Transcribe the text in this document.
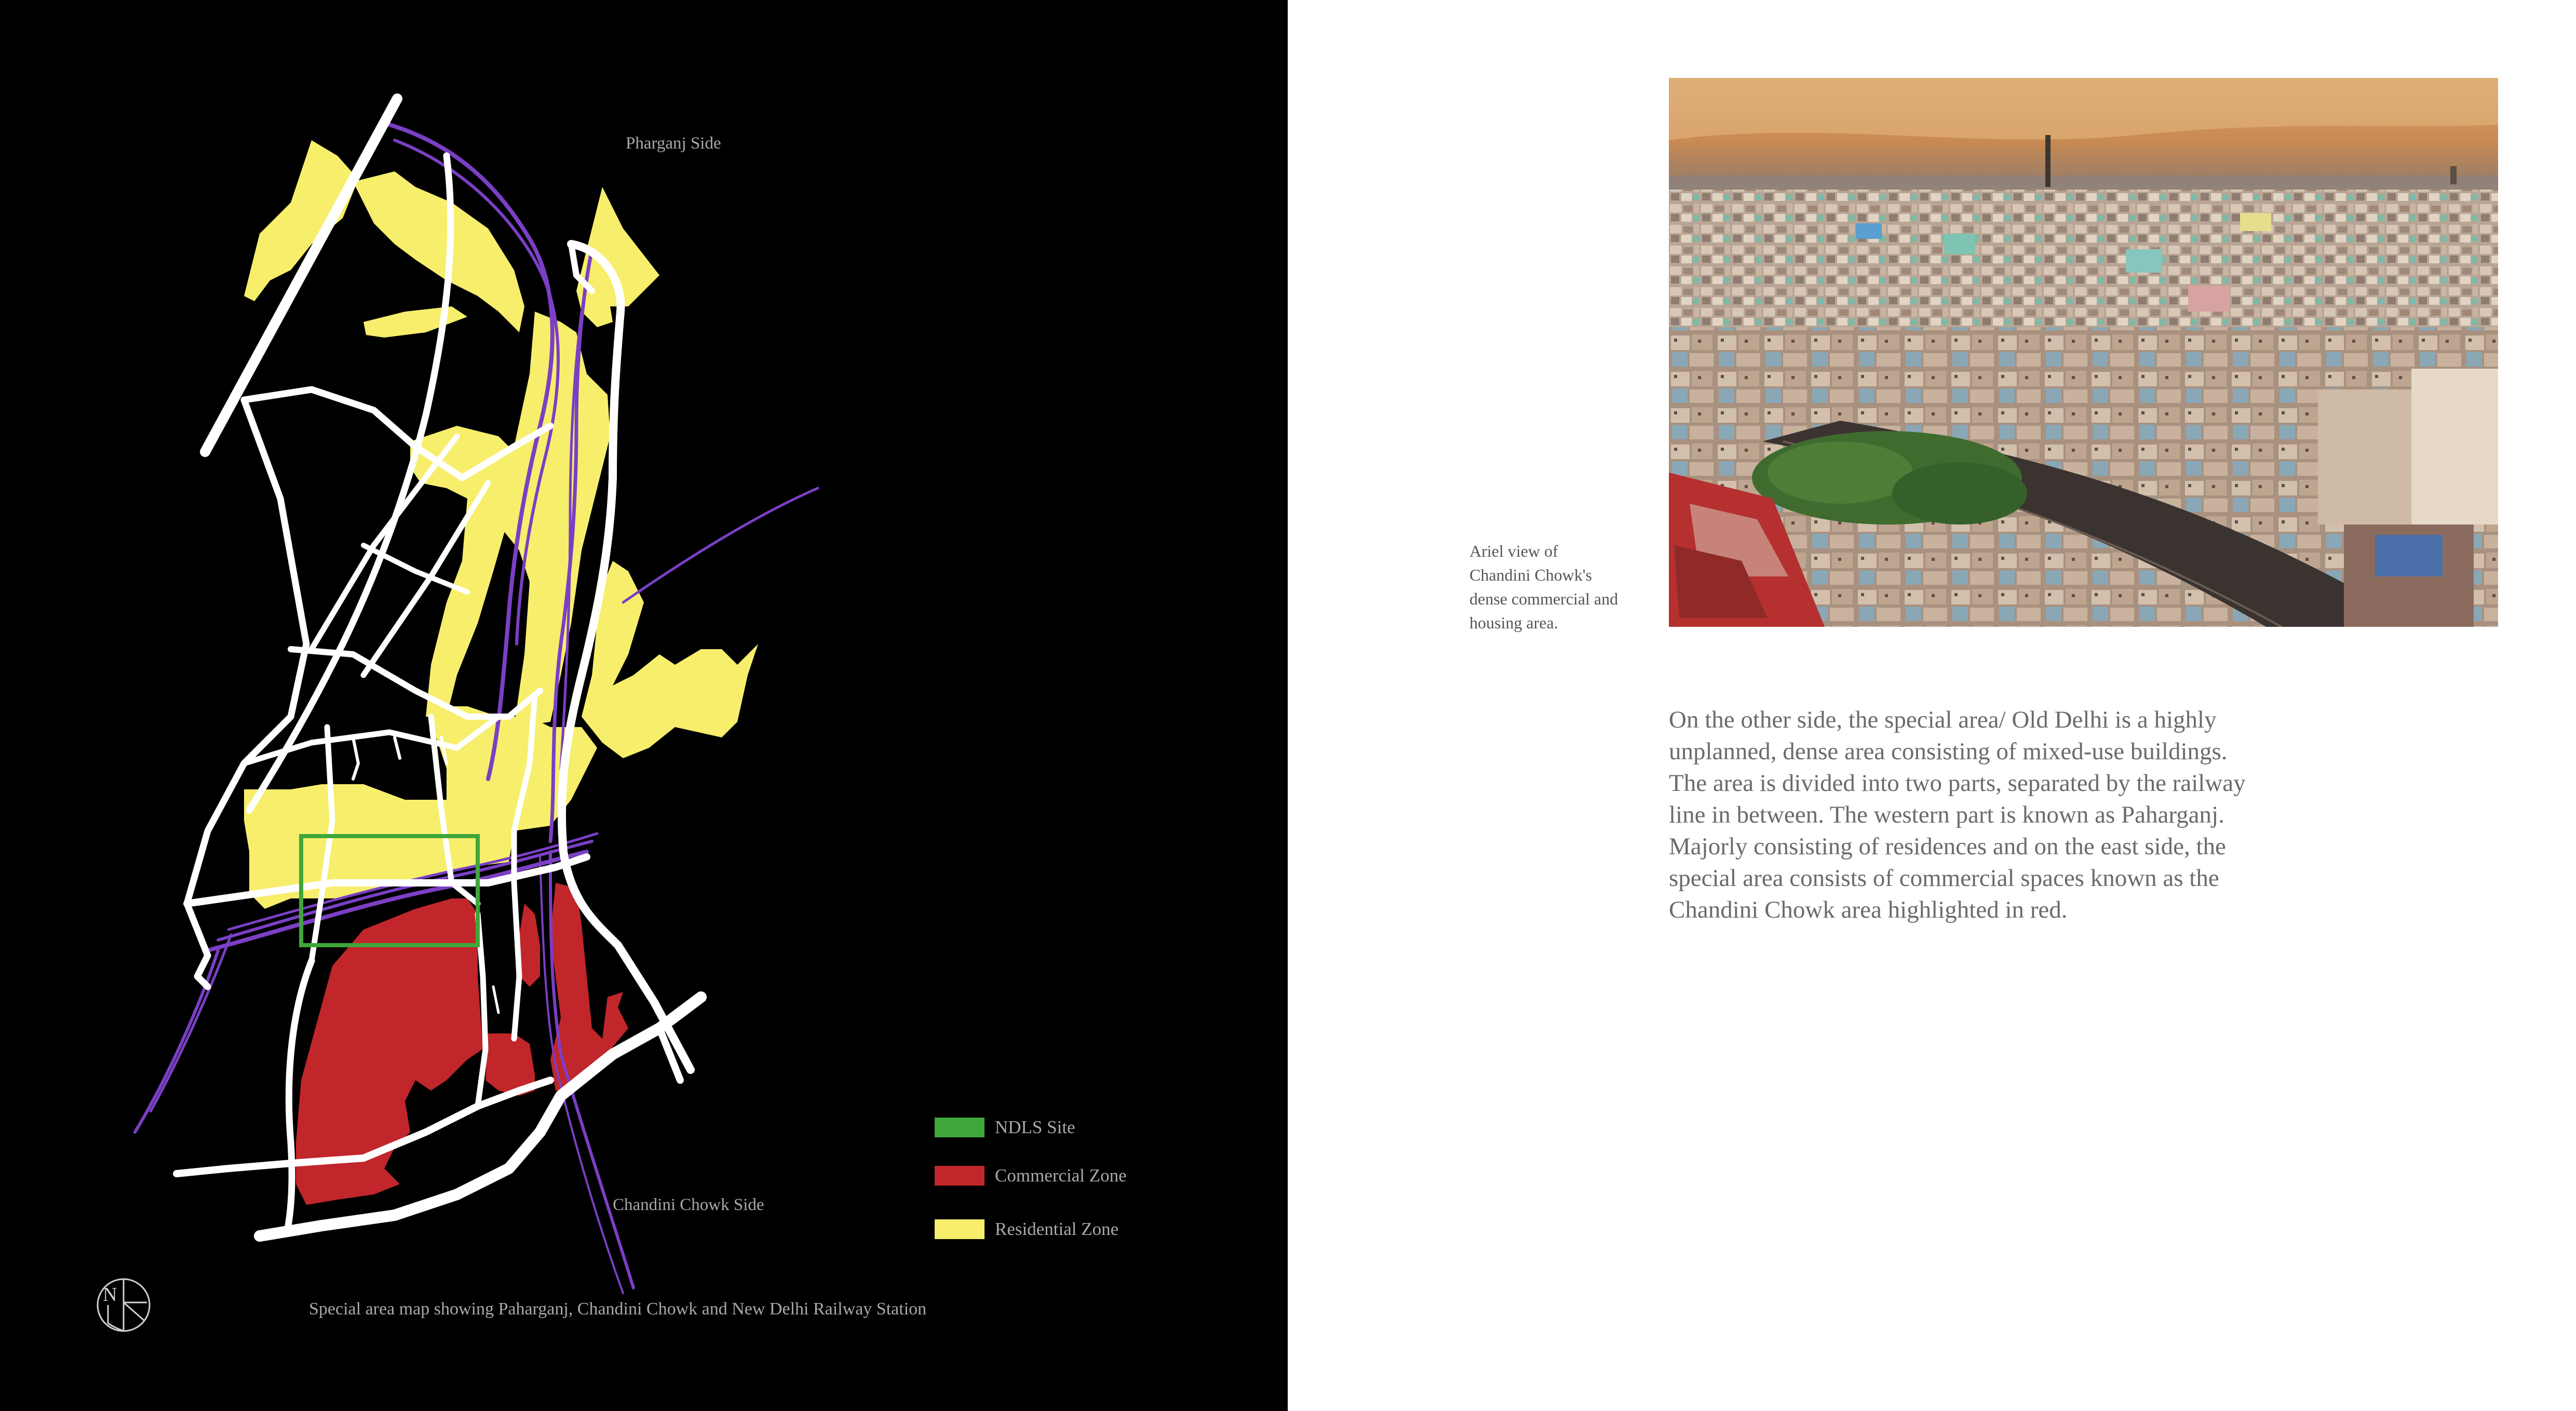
Pharganj Side
Chandini Chowk Side
NDLS Site
Commercial Zone
Residential Zone
N
Special area map showing Paharganj, Chandini Chowk and New Delhi Railway Station
Ariel view of
Chandini Chowk's
dense commercial and
housing area.
On the other side, the special area/ Old Delhi is a highly
unplanned, dense area consisting of mixed-use buildings.
The area is divided into two parts, separated by the railway
line in between. The western part is known as Paharganj.
Majorly consisting of residences and on the east side, the
special area consists of commercial spaces known as the
Chandini Chowk area highlighted in red.
